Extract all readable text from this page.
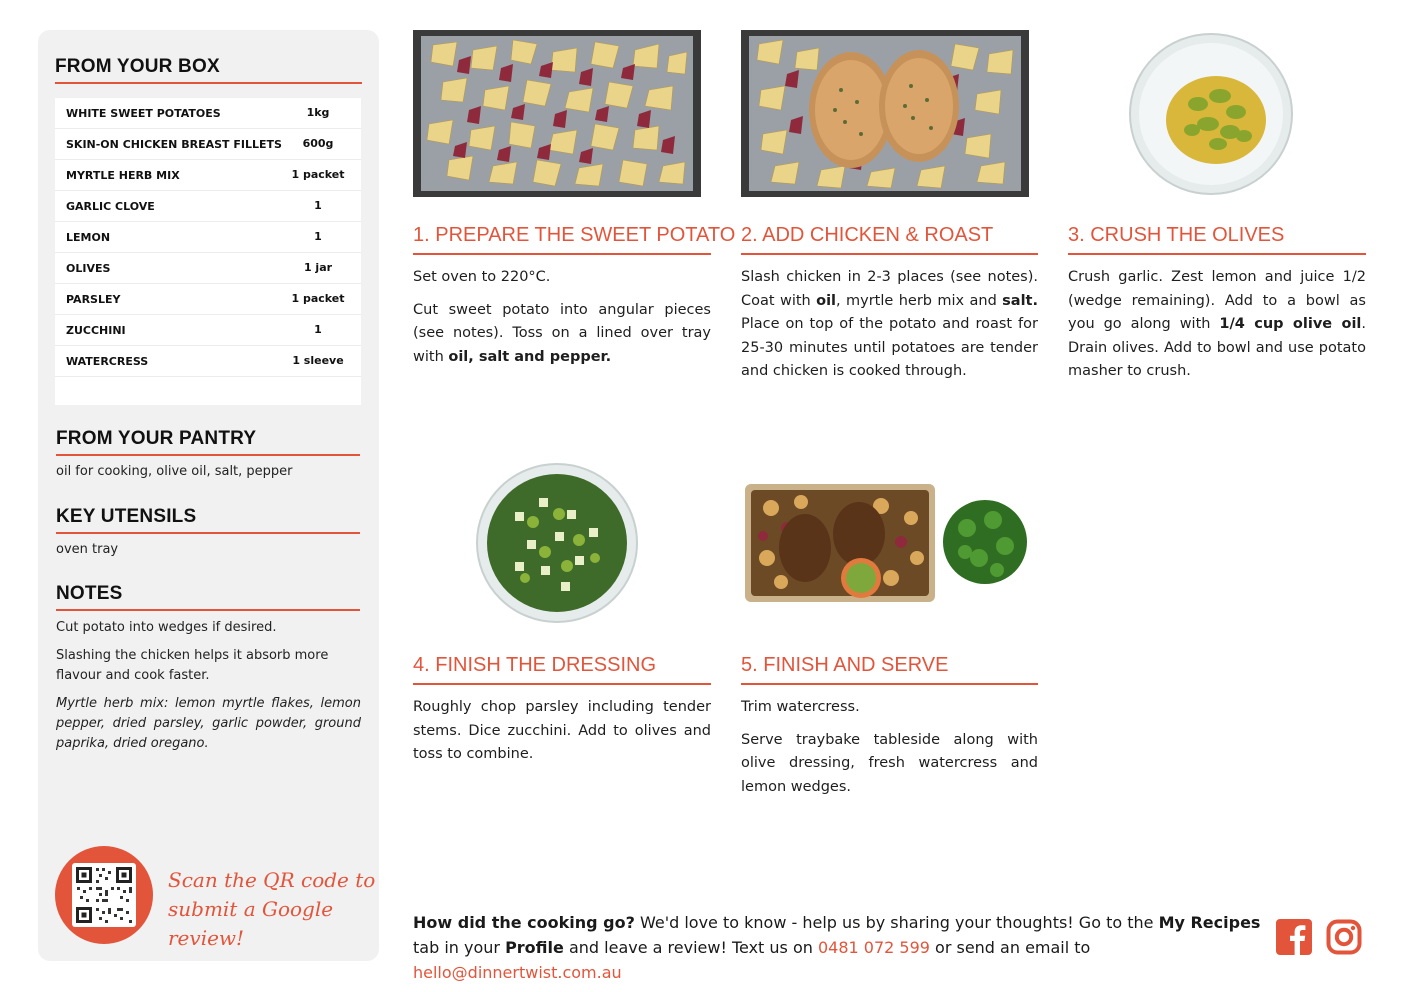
FROM YOUR BOX
WHITE SWEET POTATOES	1kg
SKIN-ON CHICKEN BREAST FILLETS	600g
MYRTLE HERB MIX	1 packet
GARLIC CLOVE	1
LEMON	1
OLIVES	1 jar
PARSLEY	1 packet
ZUCCHINI	1
WATERCRESS	1 sleeve
FROM YOUR PANTRY
oil for cooking, olive oil, salt, pepper
KEY UTENSILS
oven tray
NOTES
Cut potato into wedges if desired.
Slashing the chicken helps it absorb more flavour and cook faster.
Myrtle herb mix: lemon myrtle flakes, lemon pepper, dried parsley, garlic powder, ground paprika, dried oregano.
Scan the QR code to
submit a Google review!
1. PREPARE THE SWEET POTATO

Set oven to 220°C.

Cut sweet potato into angular pieces (see notes). Toss on a lined over tray with oil, salt and pepper.

2. ADD CHICKEN & ROAST

Slash chicken in 2-3 places (see notes). Coat with oil, myrtle herb mix and salt. Place on top of the potato and roast for 25-30 minutes until potatoes are tender and chicken is cooked through.

3. CRUSH THE OLIVES

Crush garlic. Zest lemon and juice 1/2 (wedge remaining). Add to a bowl as you go along with 1/4 cup olive oil. Drain olives. Add to bowl and use potato masher to crush.

4. FINISH THE DRESSING

Roughly chop parsley including tender stems. Dice zucchini. Add to olives and toss to combine.

5. FINISH AND SERVE

Trim watercress.

Serve traybake tableside along with olive dressing, fresh watercress and lemon wedges.

How did the cooking go? We'd love to know - help us by sharing your thoughts! Go to the My Recipes tab in your Profile and leave a review! Text us on 0481 072 599 or send an email to hello@dinnertwist.com.au
